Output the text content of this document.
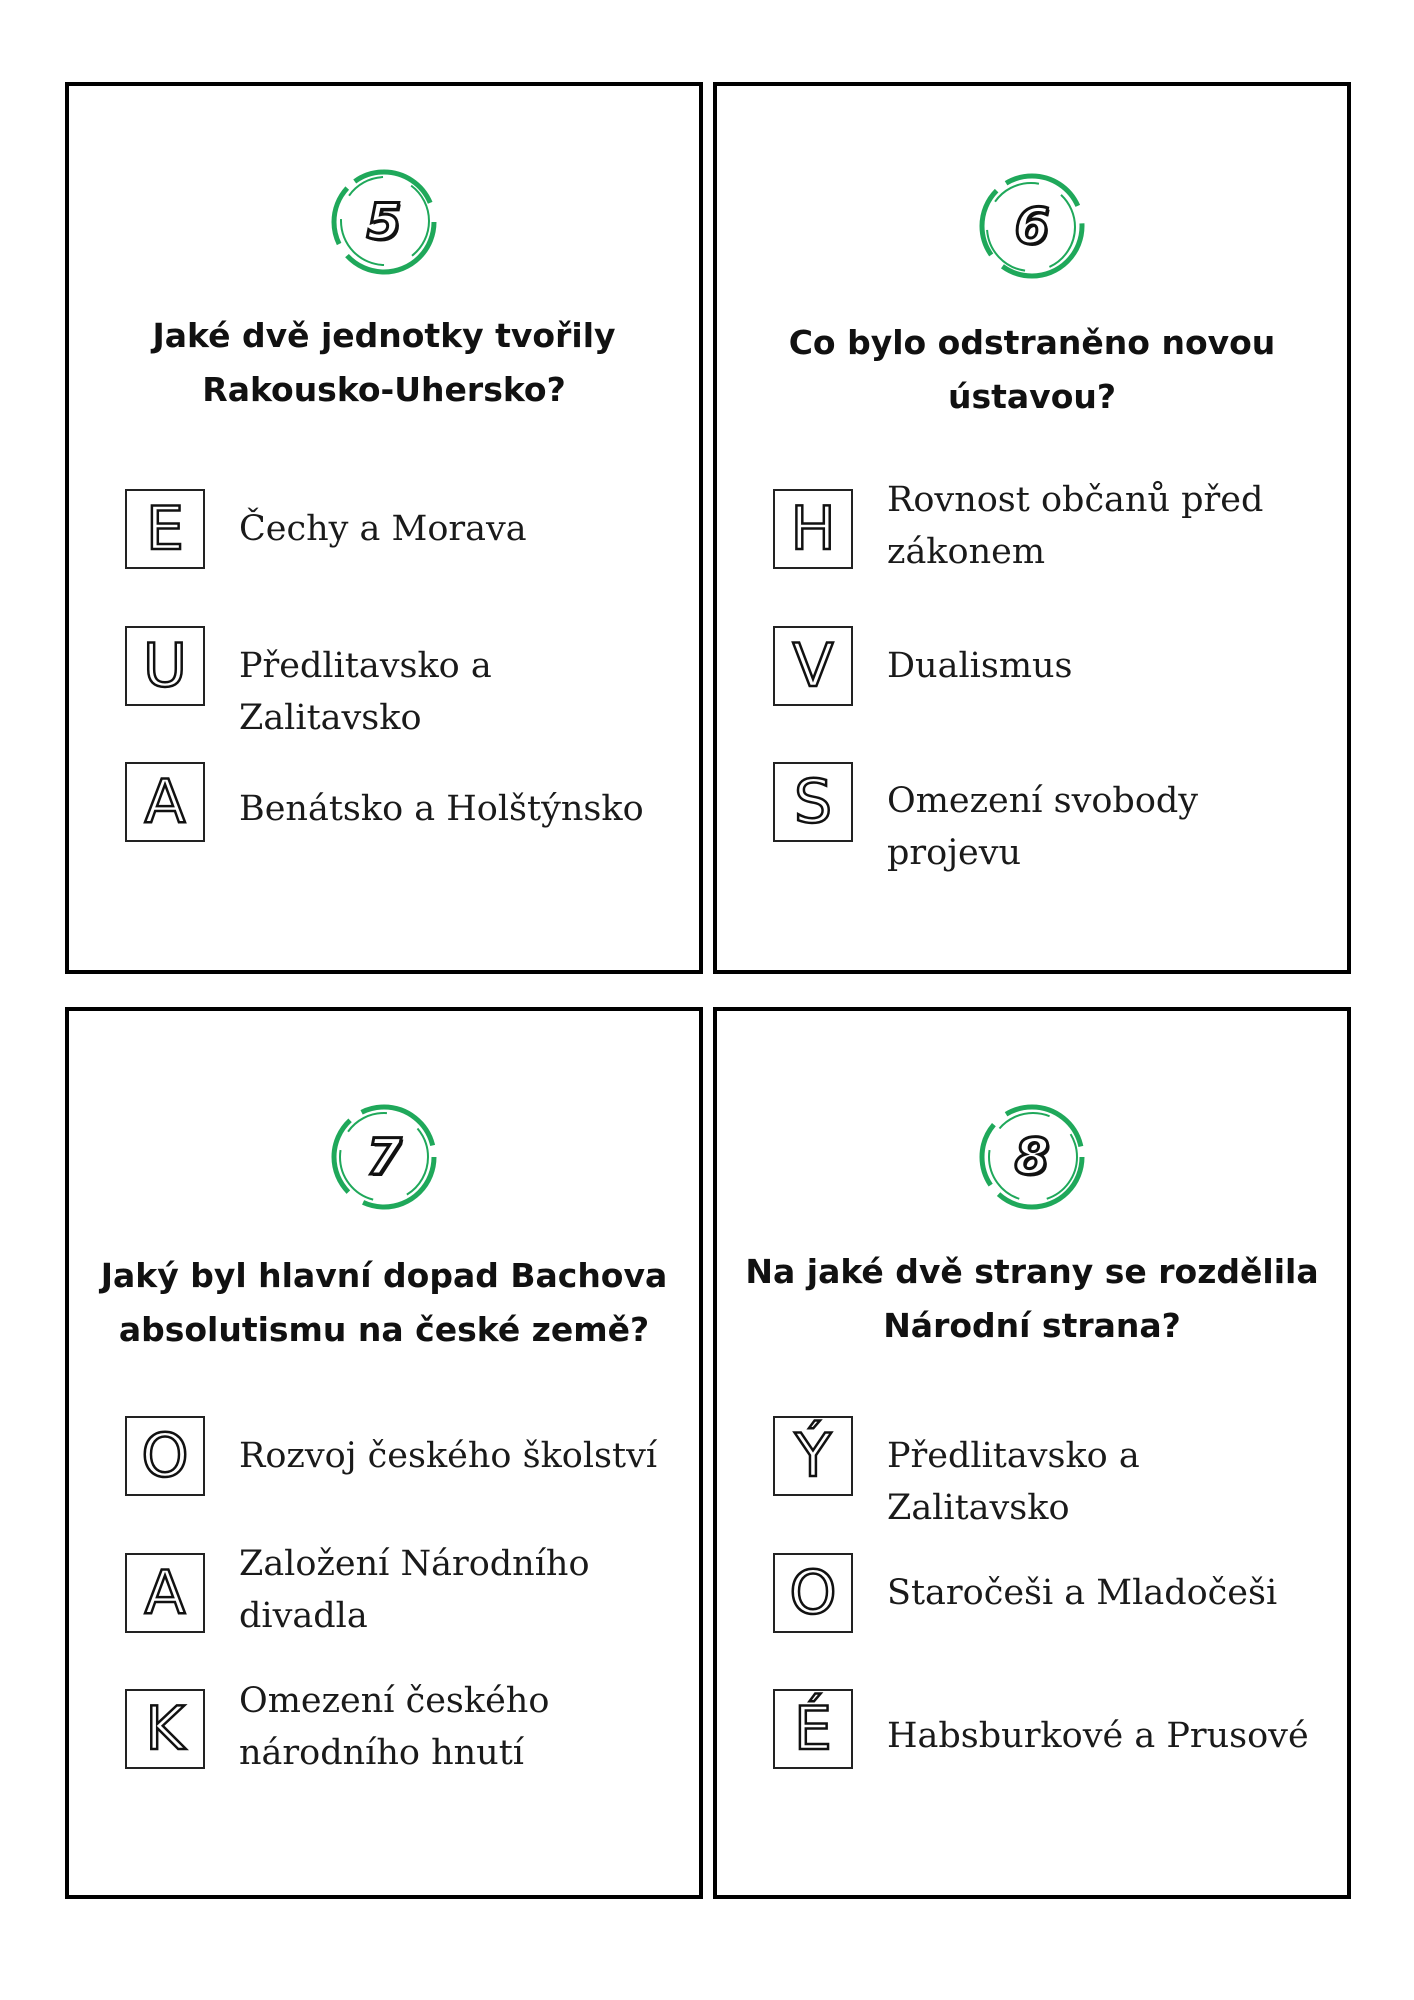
5
Jaké dvě jednotky tvořily Rakousko-Uhersko?
E	Čechy a Morava
U	Předlitavsko a Zalitavsko
A	Benátsko a Holštýnsko
6
Co bylo odstraněno novou ústavou?
H	Rovnost občanů před zákonem
V	Dualismus
S	Omezení svobody projevu
7
Jaký byl hlavní dopad Bachova absolutismu na české země?
O	Rozvoj českého školství
A	Založení Národního divadla
K	Omezení českého národního hnutí
8
Na jaké dvě strany se rozdělila Národní strana?
Ý	Předlitavsko a Zalitavsko
O	Staročeši a Mladočeši
É	Habsburkové a Prusové
